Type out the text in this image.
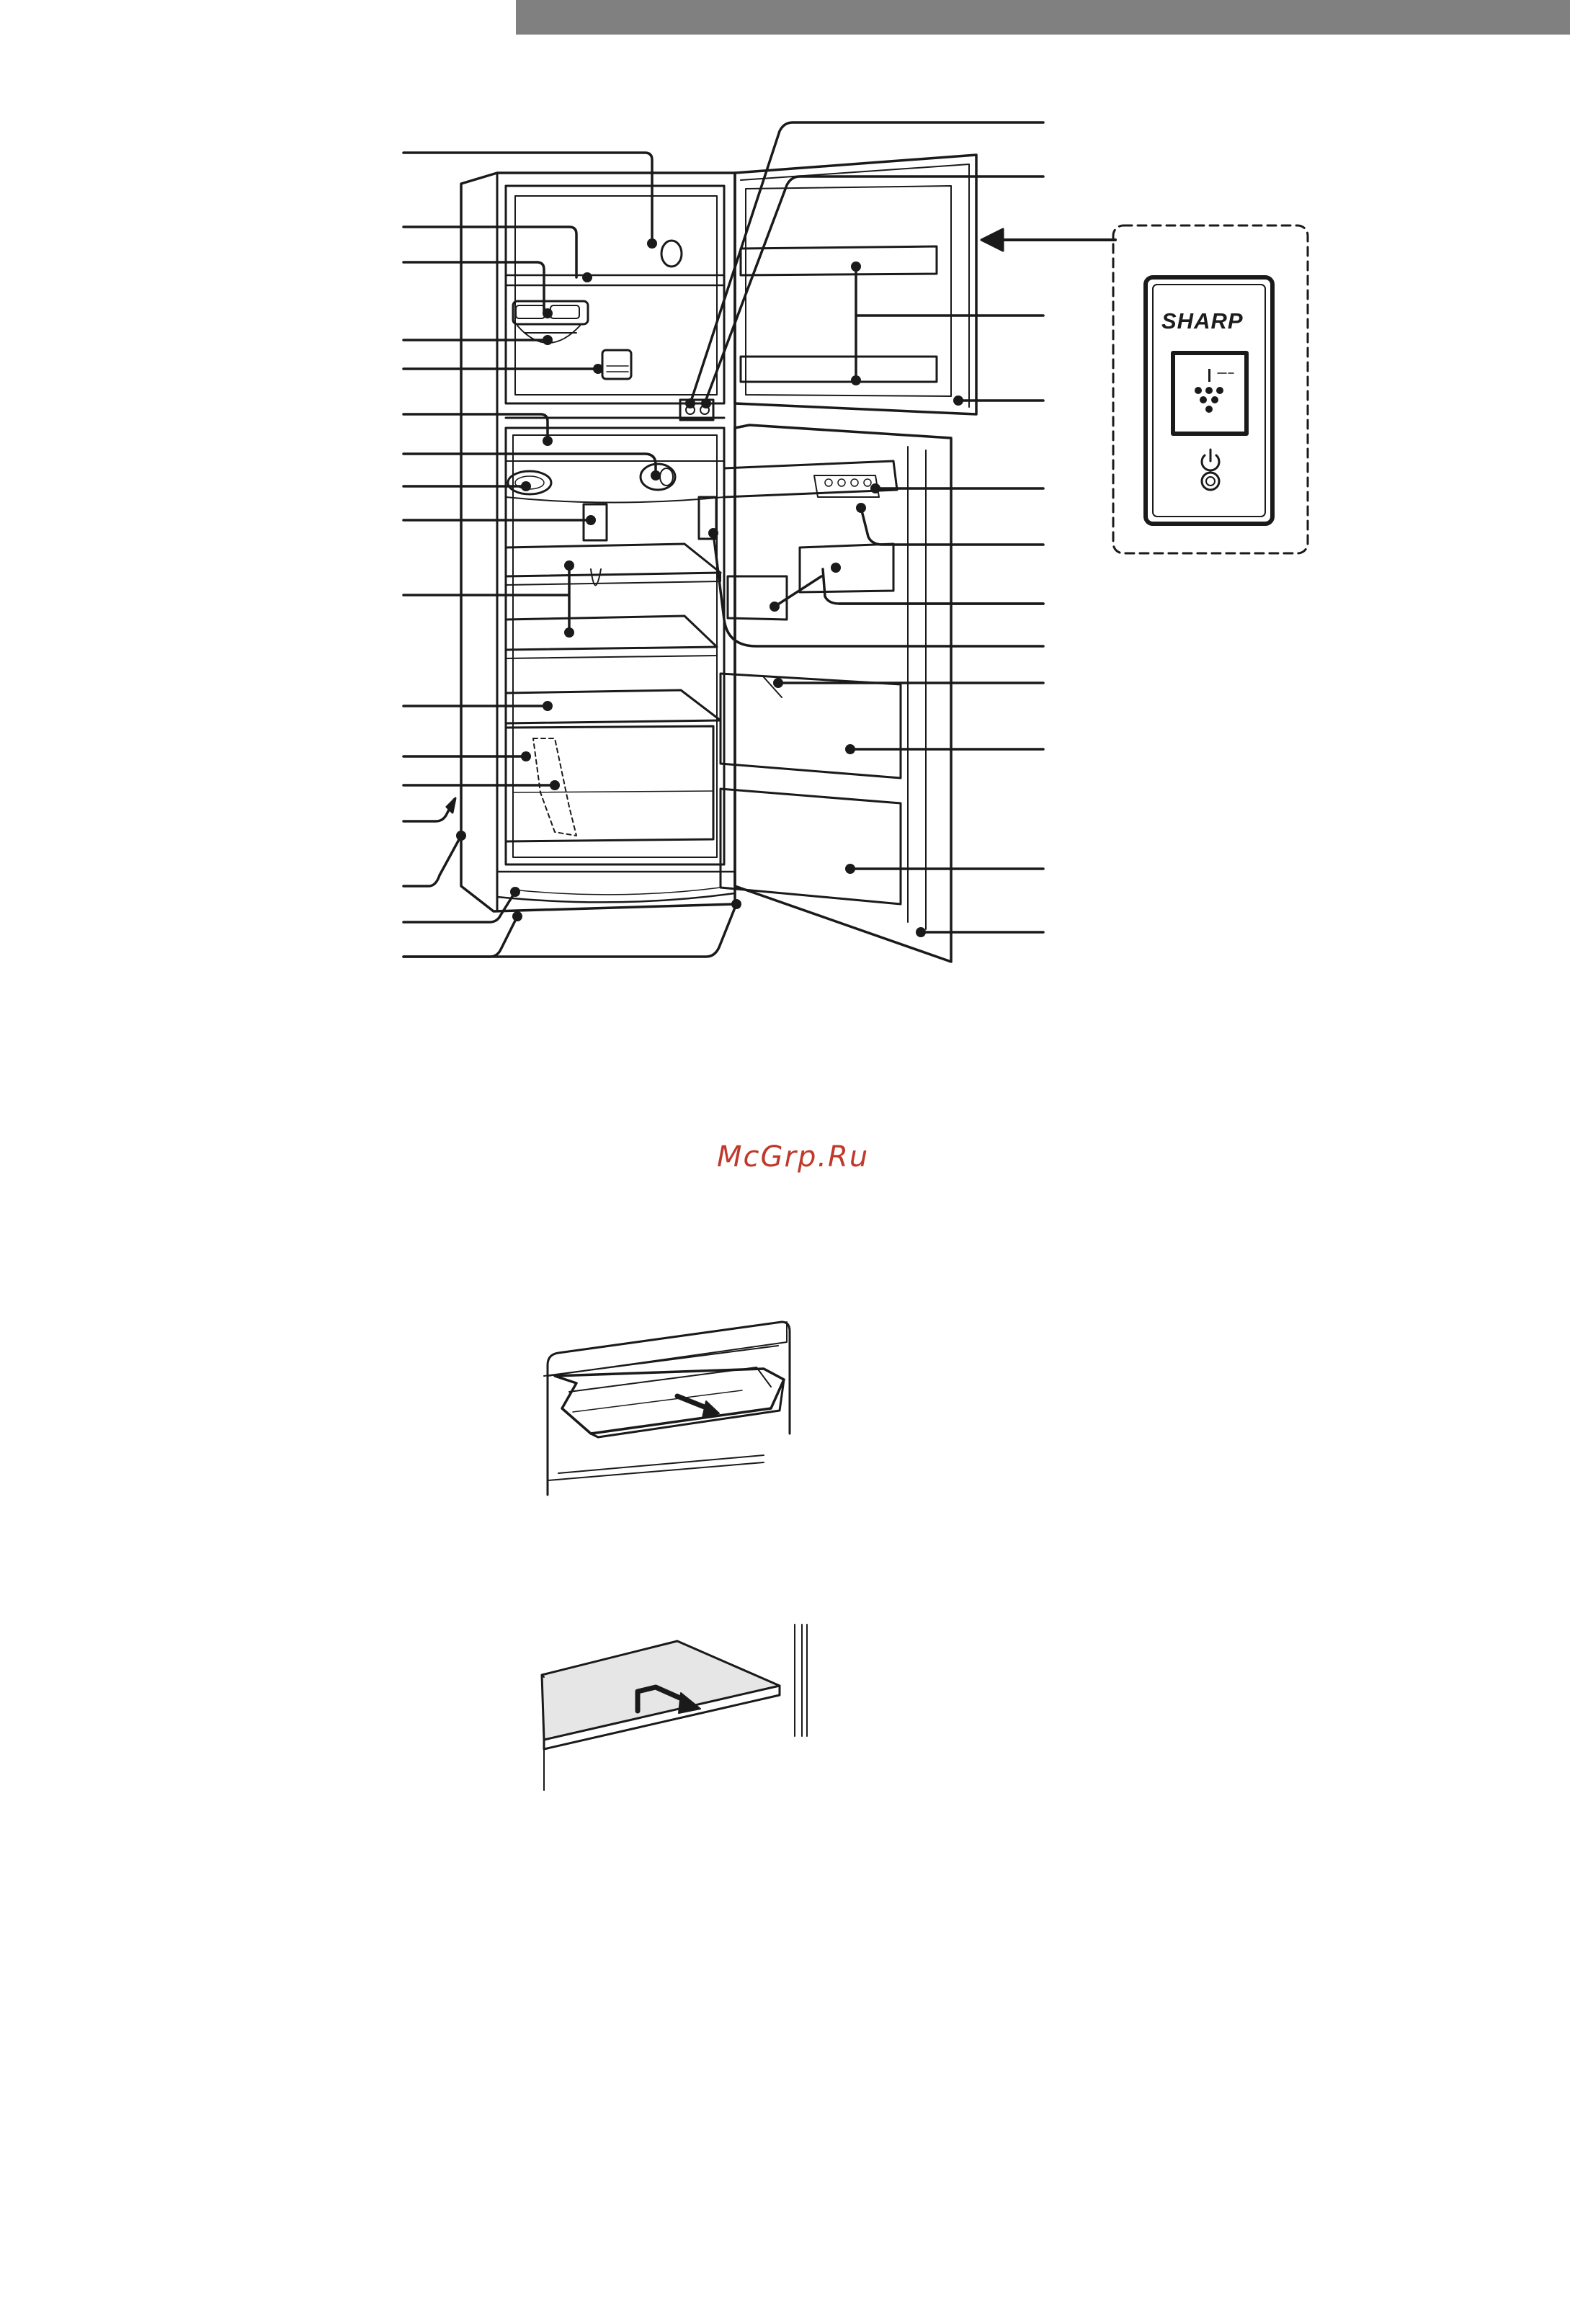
SHARP
McGrp.Ru
